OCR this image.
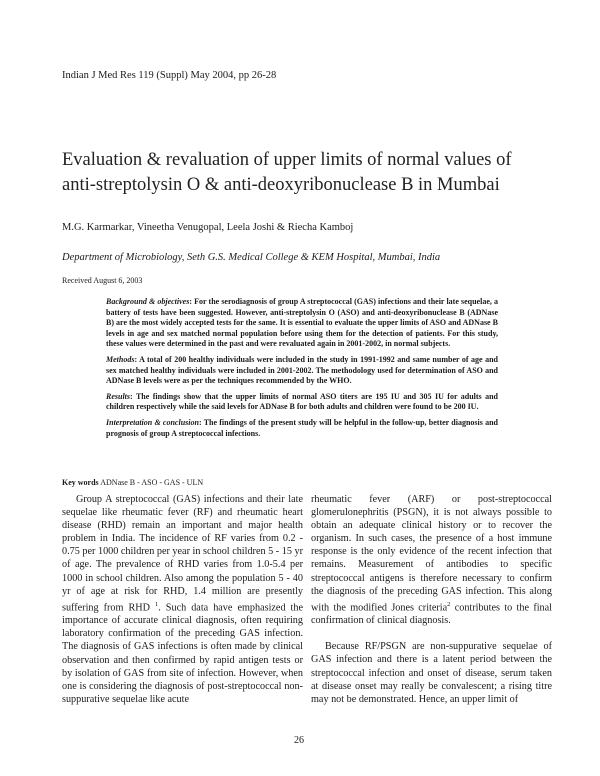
Indian J Med Res 119 (Suppl) May 2004, pp 26-28
Evaluation & revaluation of upper limits of normal values of anti-streptolysin O & anti-deoxyribonuclease B in Mumbai
M.G. Karmarkar, Vineetha Venugopal, Leela Joshi & Riecha Kamboj
Department of Microbiology, Seth G.S. Medical College & KEM Hospital, Mumbai, India
Received August 6, 2003

Background & objectives: For the serodiagnosis of group A streptococcal (GAS) infections and their late sequelae, a battery of tests have been suggested. However, anti-streptolysin O (ASO) and anti-deoxyribonuclease B (ADNase B) are the most widely accepted tests for the same. It is essential to evaluate the upper limits of ASO and ADNase B levels in age and sex matched normal population before using them for the detection of patients. For this study, these values were determined in the past and were revaluated again in 2001-2002, in normal subjects.

Methods: A total of 200 healthy individuals were included in the study in 1991-1992 and same number of age and sex matched healthy individuals were included in 2001-2002. The methodology used for determination of ASO and ADNase B levels were as per the techniques recommended by the WHO.

Results: The findings show that the upper limits of normal ASO titers are 195 IU and 305 IU for adults and children respectively while the said levels for ADNase B for both adults and children were found to be 200 IU.

Interpretation & conclusion: The findings of the present study will be helpful in the follow-up, better diagnosis and prognosis of group A streptococcal infections.

Key words ADNase B - ASO - GAS - ULN

Group A streptococcal (GAS) infections and their late sequelae like rheumatic fever (RF) and rheumatic heart disease (RHD) remain an important and major health problem in India. The incidence of RF varies from 0.2 - 0.75 per 1000 children per year in school children 5 - 15 yr of age. The prevalence of RHD varies from 1.0-5.4 per 1000 in school children. Also among the population 5 - 40 yr of age at risk for RHD, 1.4 million are presently suffering from RHD $^1$. Such data have emphasized the importance of accurate clinical diagnosis, often requiring laboratory confirmation of the preceding GAS infection. The diagnosis of GAS infections is often made by clinical observation and then confirmed by rapid antigen tests or by isolation of GAS from site of infection. However, when one is considering the diagnosis of post-streptococcal non-suppurative sequelae like acute

rheumatic fever (ARF) or post-streptococcal glomerulonephritis (PSGN), it is not always possible to obtain an adequate clinical history or to recover the organism. In such cases, the presence of a host immune response is the only evidence of the recent infection that remains. Measurement of antibodies to specific streptococcal antigens is therefore necessary to confirm the diagnosis of the preceding GAS infection. This along with the modified Jones criteria$^2$ contributes to the final confirmation of clinical diagnosis.

Because RF/PSGN are non-suppurative sequelae of GAS infection and there is a latent period between the streptococcal infection and onset of disease, serum taken at disease onset may really be convalescent; a rising titre may not be demonstrated. Hence, an upper limit of

26
